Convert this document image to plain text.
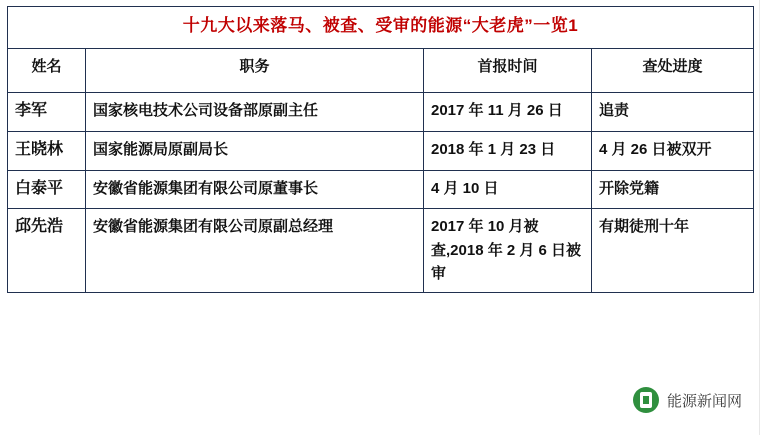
十九大以来落马、被查、受审的能源“大老虎”一览1			
姓名	职务	首报时间	查处进度
李军	国家核电技术公司设备部原副主任	2017 年 11 月 26 日	追责
王晓林	国家能源局原副局长	2018 年 1 月 23 日	4 月 26 日被双开
白泰平	安徽省能源集团有限公司原董事长	4 月 10 日	开除党籍
邱先浩	安徽省能源集团有限公司原副总经理	2017 年 10 月被查,2018 年 2 月 6 日被审	有期徒刑十年
能源新闻网
